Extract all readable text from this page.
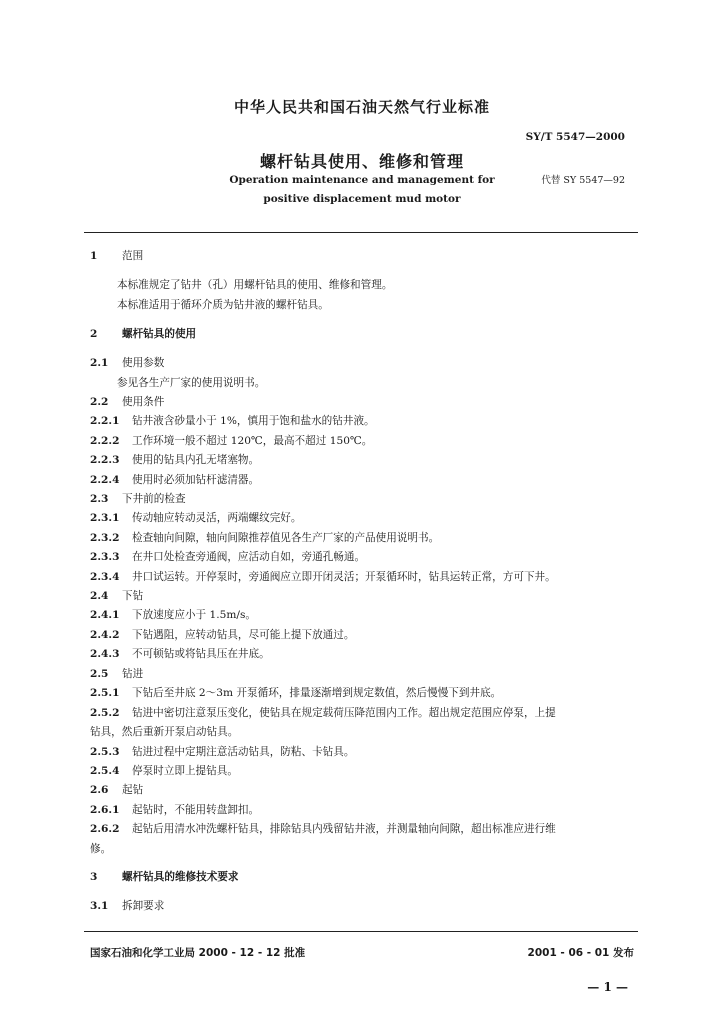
中华人民共和国石油天然气行业标准
SY/T 5547—2000
螺杆钻具使用、维修和管理
代替 SY 5547—92
Operation maintenance and management for
positive displacement mud motor
1 范围
本标准规定了钻井（孔）用螺杆钻具的使用、维修和管理。
本标准适用于循环介质为钻井液的螺杆钻具。
2 螺杆钻具的使用
2.1 使用参数
参见各生产厂家的使用说明书。
2.2 使用条件
2.2.1 钻井液含砂量小于 1%，慎用于饱和盐水的钻井液。
2.2.2 工作环境一般不超过 120℃，最高不超过 150℃。
2.2.3 使用的钻具内孔无堵塞物。
2.2.4 使用时必须加钻杆滤清器。
2.3 下井前的检查
2.3.1 传动轴应转动灵活，两端螺纹完好。
2.3.2 检查轴向间隙，轴向间隙推荐值见各生产厂家的产品使用说明书。
2.3.3 在井口处检查旁通阀，应活动自如，旁通孔畅通。
2.3.4 井口试运转。开停泵时，旁通阀应立即开闭灵活；开泵循环时，钻具运转正常，方可下井。
2.4 下钻
2.4.1 下放速度应小于 1.5m/s。
2.4.2 下钻遇阻，应转动钻具，尽可能上提下放通过。
2.4.3 不可顿钻或将钻具压在井底。
2.5 钻进
2.5.1 下钻后至井底 2～3m 开泵循环，排量逐渐增到规定数值，然后慢慢下到井底。
2.5.2 钻进中密切注意泵压变化，使钻具在规定载荷压降范围内工作。超出规定范围应停泵，上提
钻具，然后重新开泵启动钻具。
2.5.3 钻进过程中定期注意活动钻具，防粘、卡钻具。
2.5.4 停泵时立即上提钻具。
2.6 起钻
2.6.1 起钻时，不能用转盘卸扣。
2.6.2 起钻后用清水冲洗螺杆钻具，排除钻具内残留钻井液，并测量轴向间隙，超出标准应进行维
修。
3 螺杆钻具的维修技术要求
3.1 拆卸要求
国家石油和化学工业局 2000 - 12 - 12 批准	2001 - 06 - 01 发布
— 1 —
